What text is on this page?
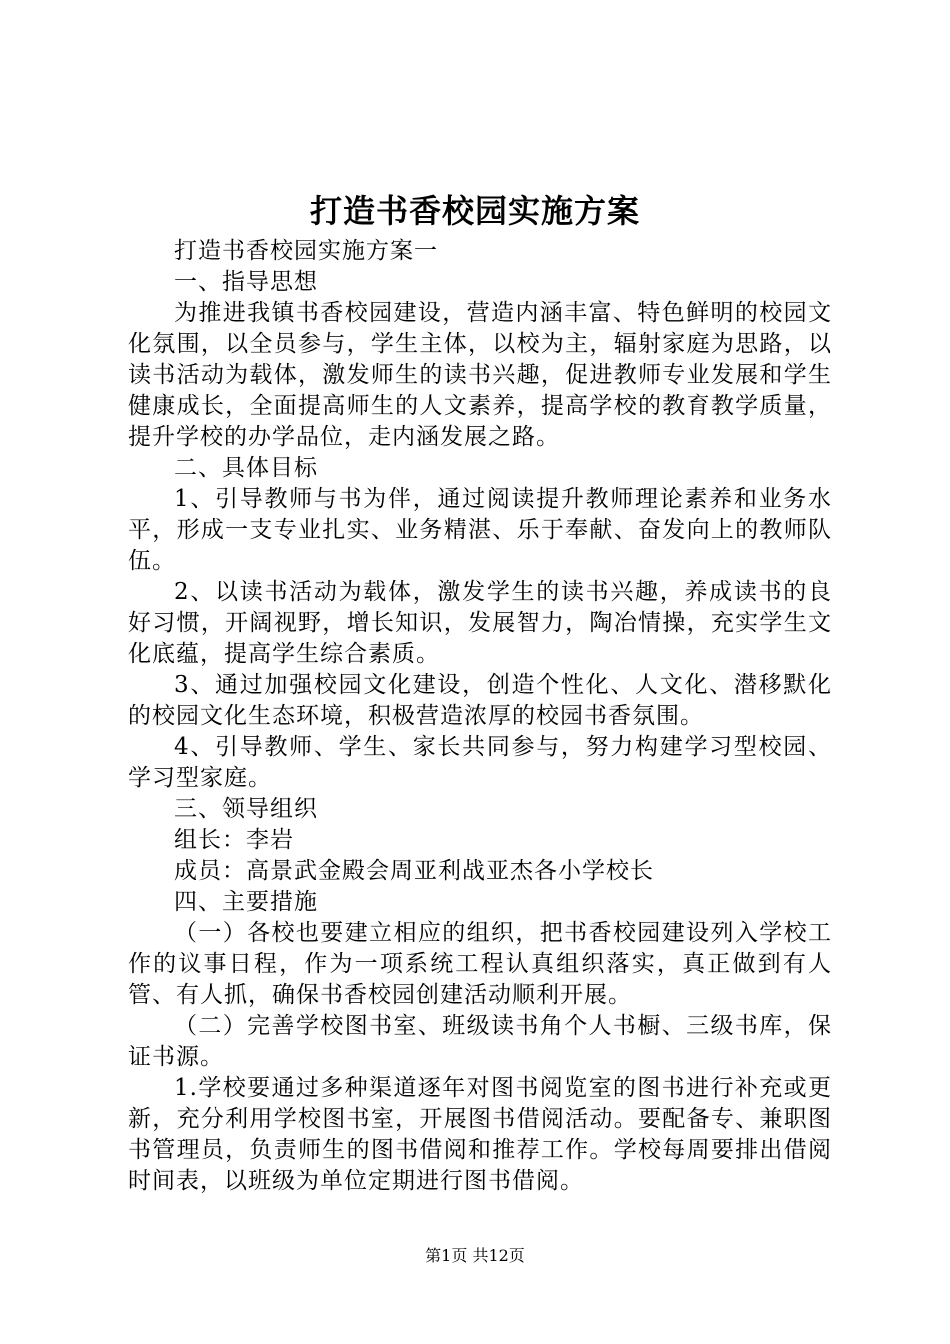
打造书香校园实施方案

打造书香校园实施方案一

一、指导思想

为推进我镇书香校园建设，营造内涵丰富、特色鲜明的校园文化氛围，以全员参与，学生主体，以校为主，辐射家庭为思路，以读书活动为载体，激发师生的读书兴趣，促进教师专业发展和学生健康成长，全面提高师生的人文素养，提高学校的教育教学质量，提升学校的办学品位，走内涵发展之路。

二、具体目标

1、引导教师与书为伴，通过阅读提升教师理论素养和业务水平，形成一支专业扎实、业务精湛、乐于奉献、奋发向上的教师队伍。

2、以读书活动为载体，激发学生的读书兴趣，养成读书的良好习惯，开阔视野，增长知识，发展智力，陶冶情操，充实学生文化底蕴，提高学生综合素质。

3、通过加强校园文化建设，创造个性化、人文化、潜移默化的校园文化生态环境，积极营造浓厚的校园书香氛围。

4、引导教师、学生、家长共同参与，努力构建学习型校园、学习型家庭。

三、领导组织

组长：李岩

成员：高景武金殿会周亚利战亚杰各小学校长

四、主要措施

（一）各校也要建立相应的组织，把书香校园建设列入学校工作的议事日程，作为一项系统工程认真组织落实，真正做到有人管、有人抓，确保书香校园创建活动顺利开展。

（二）完善学校图书室、班级读书角个人书橱、三级书库，保证书源。

1.学校要通过多种渠道逐年对图书阅览室的图书进行补充或更新，充分利用学校图书室，开展图书借阅活动。要配备专、兼职图书管理员，负责师生的图书借阅和推荐工作。学校每周要排出借阅时间表，以班级为单位定期进行图书借阅。

第1页 共12页
